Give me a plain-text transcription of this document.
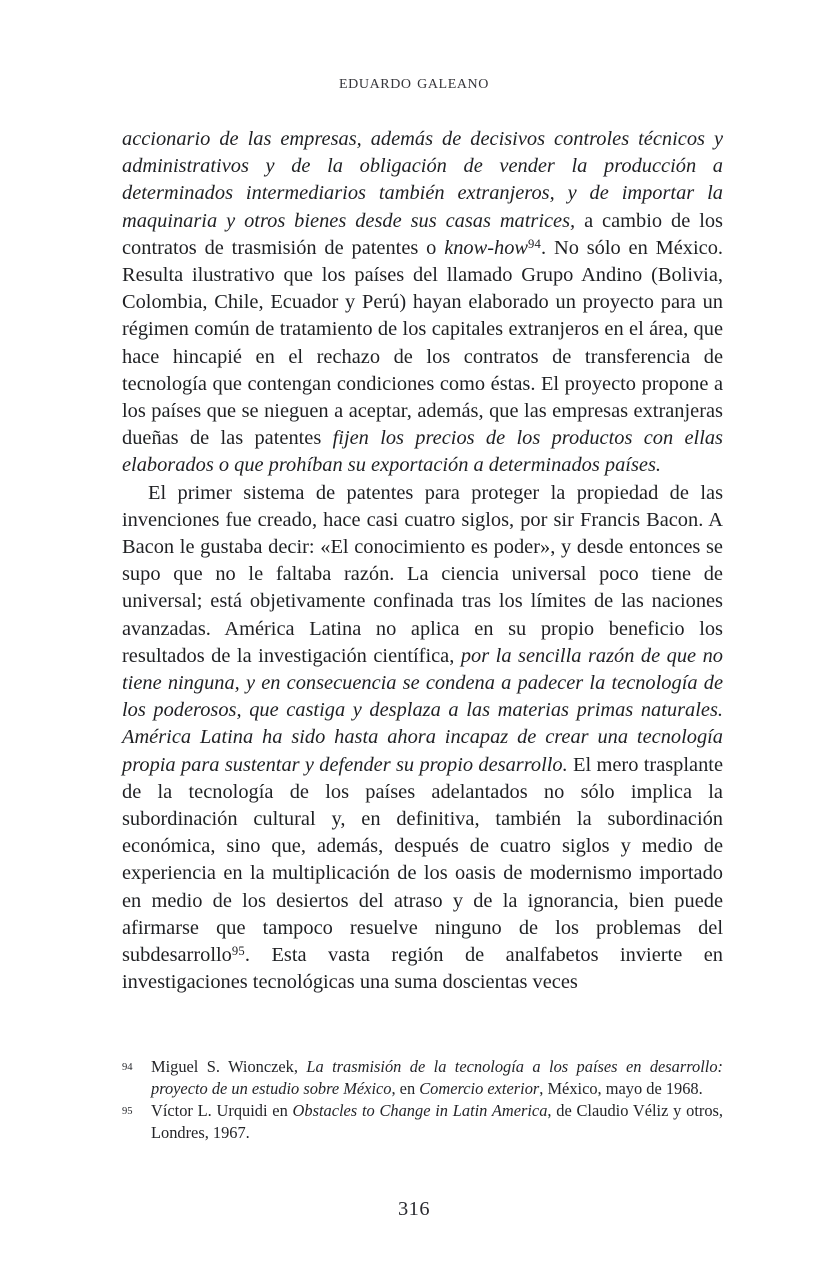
eduardo galeano

accionario de las empresas, además de decisivos controles técnicos y administrativos y de la obligación de vender la producción a determinados intermediarios también extranjeros, y de importar la maquinaria y otros bienes desde sus casas matrices, a cambio de los contratos de trasmisión de patentes o know-how$^{94}$. No sólo en México. Resulta ilustrativo que los países del llamado Grupo Andino (Bolivia, Colombia, Chile, Ecuador y Perú) hayan elaborado un proyecto para un régimen común de tratamiento de los capitales extranjeros en el área, que hace hincapié en el rechazo de los contratos de transferencia de tecnología que contengan condiciones como éstas. El proyecto propone a los países que se nieguen a aceptar, además, que las empresas extranjeras dueñas de las patentes fijen los precios de los productos con ellas elaborados o que prohíban su exportación a determinados países.

El primer sistema de patentes para proteger la propiedad de las invenciones fue creado, hace casi cuatro siglos, por sir Francis Bacon. A Bacon le gustaba decir: «El conocimiento es poder», y desde entonces se supo que no le faltaba razón. La ciencia universal poco tiene de universal; está objetivamente confinada tras los límites de las naciones avanzadas. América Latina no aplica en su propio beneficio los resultados de la investigación científica, por la sencilla razón de que no tiene ninguna, y en consecuencia se condena a padecer la tecnología de los poderosos, que castiga y desplaza a las materias primas naturales. América Latina ha sido hasta ahora incapaz de crear una tecnología propia para sustentar y defender su propio desarrollo. El mero trasplante de la tecnología de los países adelantados no sólo implica la subordinación cultural y, en definitiva, también la subordinación económica, sino que, además, después de cuatro siglos y medio de experiencia en la multiplicación de los oasis de modernismo importado en medio de los desiertos del atraso y de la ignorancia, bien puede afirmarse que tampoco resuelve ninguno de los problemas del subdesarrollo$^{95}$. Esta vasta región de analfabetos invierte en investigaciones tecnológicas una suma doscientas veces

94 Miguel S. Wionczek, La trasmisión de la tecnología a los países en desarrollo: proyecto de un estudio sobre México, en Comercio exterior, México, mayo de 1968.
95 Víctor L. Urquidi en Obstacles to Change in Latin America, de Claudio Véliz y otros, Londres, 1967.
316
